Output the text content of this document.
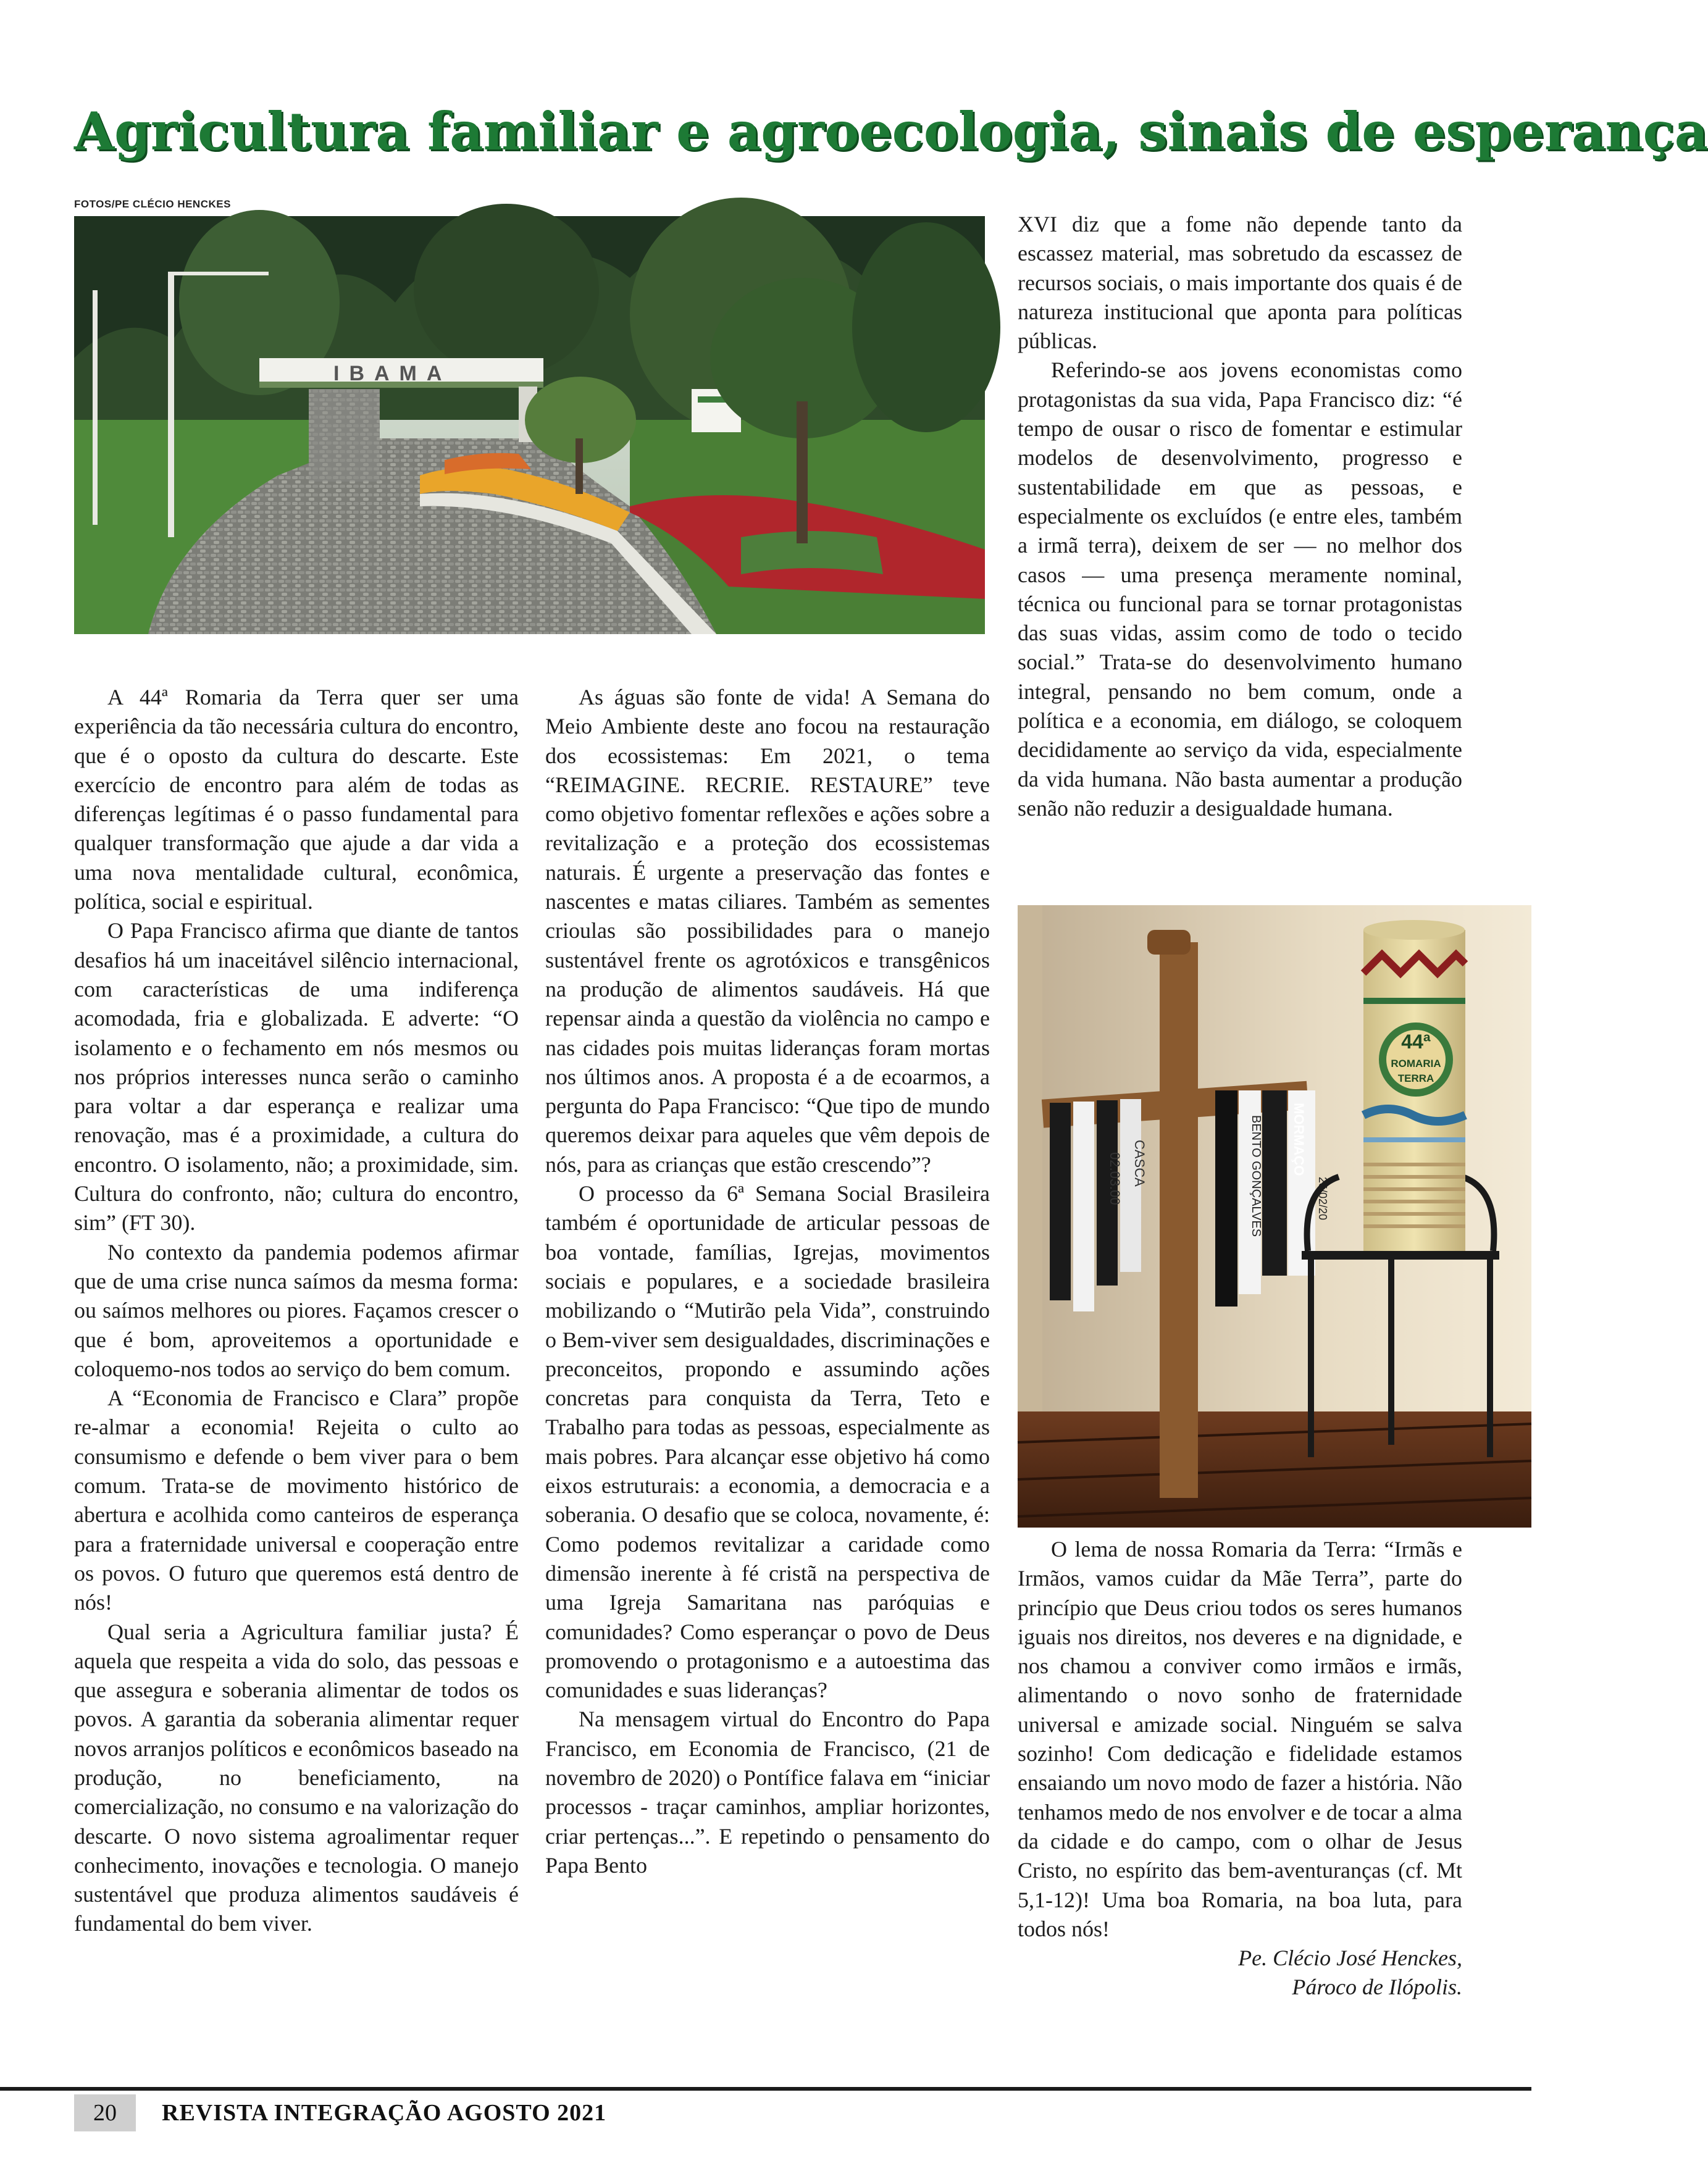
Agricultura familiar e agroecologia, sinais de esperança
FOTOS/PE CLÉCIO HENCKES
IBAMA

A 44ª Romaria da Terra quer ser uma experiência da tão necessária cultura do encontro, que é o oposto da cultura do descarte. Este exercício de encontro para além de todas as diferenças legítimas é o passo fundamental para qualquer transformação que ajude a dar vida a uma nova mentalidade cultural, econômica, política, social e espiritual.

O Papa Francisco afirma que diante de tantos desafios há um inaceitável silêncio internacional, com características de uma indiferença acomodada, fria e globalizada. E adverte: “O isolamento e o fechamento em nós mesmos ou nos próprios interesses nunca serão o caminho para voltar a dar esperança e realizar uma renovação, mas é a proximidade, a cultura do encontro. O isolamento, não; a proximidade, sim. Cultura do confronto, não; cultura do encontro, sim” (FT 30).

No contexto da pandemia podemos afirmar que de uma crise nunca saímos da mesma forma: ou saímos melhores ou piores. Façamos crescer o que é bom, aproveitemos a oportunidade e coloquemo-nos todos ao serviço do bem comum.

A “Economia de Francisco e Clara” propõe re-almar a economia! Rejeita o culto ao consumismo e defende o bem viver para o bem comum. Trata-se de movimento histórico de abertura e acolhida como canteiros de esperança para a fraternidade universal e cooperação entre os povos. O futuro que queremos está dentro de nós!

Qual seria a Agricultura familiar justa? É aquela que respeita a vida do solo, das pessoas e que assegura e soberania alimentar de todos os povos. A garantia da soberania alimentar requer novos arranjos políticos e econômicos baseado na produção, no beneficiamento, na comercialização, no consumo e na valorização do descarte. O novo sistema agroalimentar requer conhecimento, inovações e tecnologia. O manejo sustentável que produza alimentos saudáveis é fundamental do bem viver.

As águas são fonte de vida! A Semana do Meio Ambiente deste ano focou na restauração dos ecossistemas: Em 2021, o tema “REIMAGINE. RECRIE. RESTAURE” teve como objetivo fomentar reflexões e ações sobre a revitalização e a proteção dos ecossistemas naturais. É urgente a preservação das fontes e nascentes e matas ciliares. Também as sementes crioulas são possibilidades para o manejo sustentável frente os agrotóxicos e transgênicos na produção de alimentos saudáveis. Há que repensar ainda a questão da violência no campo e nas cidades pois muitas lideranças foram mortas nos últimos anos. A proposta é a de ecoarmos, a pergunta do Papa Francisco: “Que tipo de mundo queremos deixar para aqueles que vêm depois de nós, para as crianças que estão crescendo”?

O processo da 6ª Semana Social Brasileira também é oportunidade de articular pessoas de boa vontade, famílias, Igrejas, movimentos sociais e populares, e a sociedade brasileira mobilizando o “Mutirão pela Vida”, construindo o Bem-viver sem desigualdades, discriminações e preconceitos, propondo e assumindo ações concretas para conquista da Terra, Teto e Trabalho para todas as pessoas, especialmente as mais pobres. Para alcançar esse objetivo há como eixos estruturais: a economia, a democracia e a soberania. O desafio que se coloca, novamente, é: Como podemos revitalizar a caridade como dimensão inerente à fé cristã na perspectiva de uma Igreja Samaritana nas paróquias e comunidades? Como esperançar o povo de Deus promovendo o protagonismo e a autoestima das comunidades e suas lideranças?

Na mensagem virtual do Encontro do Papa Francisco, em Economia de Francisco, (21 de novembro de 2020) o Pontífice falava em “iniciar processos - traçar caminhos, ampliar horizontes, criar pertenças...”. E repetindo o pensamento do Papa Bento

XVI diz que a fome não depende tanto da escassez material, mas sobretudo da escassez de recursos sociais, o mais importante dos quais é de natureza institucional que aponta para políticas públicas.

Referindo-se aos jovens economistas como protagonistas da sua vida, Papa Francisco diz: “é tempo de ousar o risco de fomentar e estimular modelos de desenvolvimento, progresso e sustentabilidade em que as pessoas, e especialmente os excluídos (e entre eles, também a irmã terra), deixem de ser — no melhor dos casos — uma presença meramente nominal, técnica ou funcional para se tornar protagonistas das suas vidas, assim como de todo o tecido social.” Trata-se do desenvolvimento humano integral, pensando no bem comum, onde a política e a economia, em diálogo, se coloquem decididamente ao serviço da vida, especialmente da vida humana. Não basta aumentar a produção senão não reduzir a desigualdade humana.

02.03.00 CASCA	BENTO GONÇALVES MORMAÇO
25/02/20
44ª
ROMARIA
TERRA

O lema de nossa Romaria da Terra: “Irmãs e Irmãos, vamos cuidar da Mãe Terra”, parte do princípio que Deus criou todos os seres humanos iguais nos direitos, nos deveres e na dignidade, e nos chamou a conviver como irmãos e irmãs, alimentando o novo sonho de fraternidade universal e amizade social. Ninguém se salva sozinho! Com dedicação e fidelidade estamos ensaiando um novo modo de fazer a história. Não tenhamos medo de nos envolver e de tocar a alma da cidade e do campo, com o olhar de Jesus Cristo, no espírito das bem-aventuranças (cf. Mt 5,1-12)! Uma boa Romaria, na boa luta, para todos nós!

Pe. Clécio José Henckes,

Pároco de Ilópolis.

20	REVISTA INTEGRAÇÃO AGOSTO 2021
